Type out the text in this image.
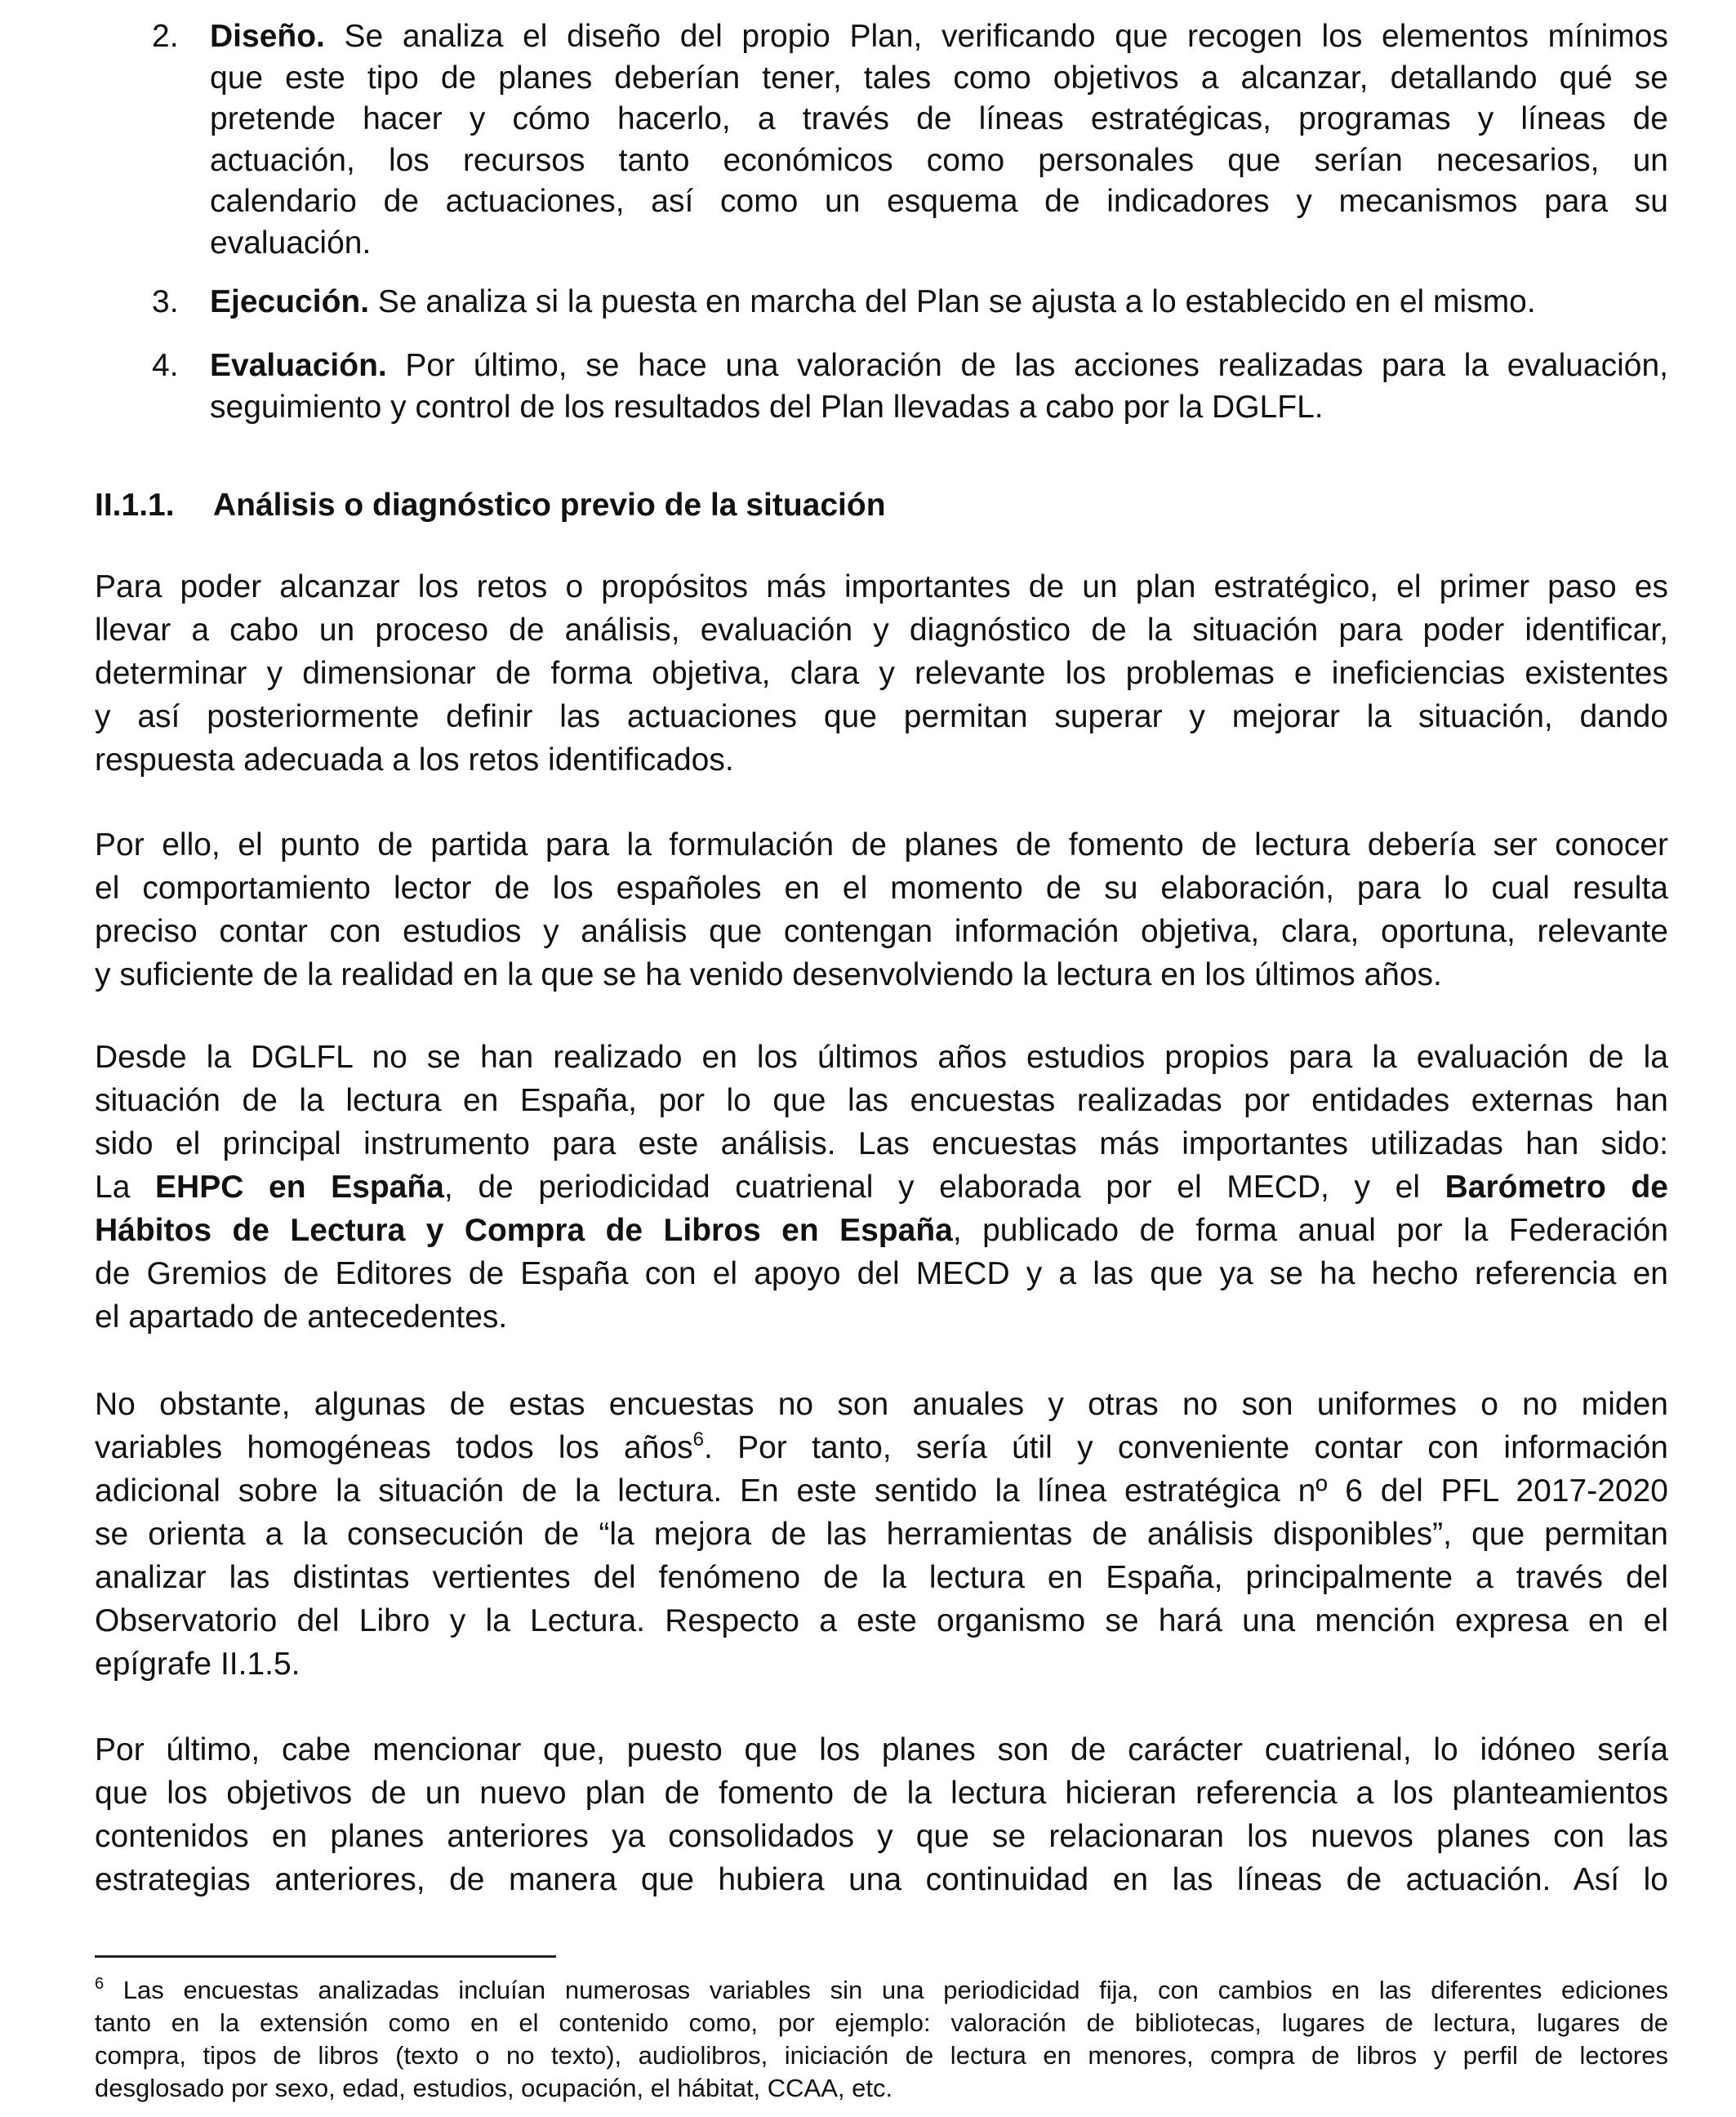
2. Diseño. Se analiza el diseño del propio Plan, verificando que recogen los elementos mínimos
que este tipo de planes deberían tener, tales como objetivos a alcanzar, detallando qué se
pretende hacer y cómo hacerlo, a través de líneas estratégicas, programas y líneas de
actuación, los recursos tanto económicos como personales que serían necesarios, un
calendario de actuaciones, así como un esquema de indicadores y mecanismos para su
evaluación.
3. Ejecución. Se analiza si la puesta en marcha del Plan se ajusta a lo establecido en el mismo.
4. Evaluación. Por último, se hace una valoración de las acciones realizadas para la evaluación,
seguimiento y control de los resultados del Plan llevadas a cabo por la DGLFL.
II.1.1. Análisis o diagnóstico previo de la situación
Para poder alcanzar los retos o propósitos más importantes de un plan estratégico, el primer paso es
llevar a cabo un proceso de análisis, evaluación y diagnóstico de la situación para poder identificar,
determinar y dimensionar de forma objetiva, clara y relevante los problemas e ineficiencias existentes
y así posteriormente definir las actuaciones que permitan superar y mejorar la situación, dando
respuesta adecuada a los retos identificados.
Por ello, el punto de partida para la formulación de planes de fomento de lectura debería ser conocer
el comportamiento lector de los españoles en el momento de su elaboración, para lo cual resulta
preciso contar con estudios y análisis que contengan información objetiva, clara, oportuna, relevante
y suficiente de la realidad en la que se ha venido desenvolviendo la lectura en los últimos años.
Desde la DGLFL no se han realizado en los últimos años estudios propios para la evaluación de la
situación de la lectura en España, por lo que las encuestas realizadas por entidades externas han
sido el principal instrumento para este análisis. Las encuestas más importantes utilizadas han sido:
La EHPC en España, de periodicidad cuatrienal y elaborada por el MECD, y el Barómetro de
Hábitos de Lectura y Compra de Libros en España, publicado de forma anual por la Federación
de Gremios de Editores de España con el apoyo del MECD y a las que ya se ha hecho referencia en
el apartado de antecedentes.
No obstante, algunas de estas encuestas no son anuales y otras no son uniformes o no miden
variables homogéneas todos los años$^6$. Por tanto, sería útil y conveniente contar con información
adicional sobre la situación de la lectura. En este sentido la línea estratégica nº 6 del PFL 2017-2020
se orienta a la consecución de “la mejora de las herramientas de análisis disponibles”, que permitan
analizar las distintas vertientes del fenómeno de la lectura en España, principalmente a través del
Observatorio del Libro y la Lectura. Respecto a este organismo se hará una mención expresa en el
epígrafe II.1.5.
Por último, cabe mencionar que, puesto que los planes son de carácter cuatrienal, lo idóneo sería
que los objetivos de un nuevo plan de fomento de la lectura hicieran referencia a los planteamientos
contenidos en planes anteriores ya consolidados y que se relacionaran los nuevos planes con las
estrategias anteriores, de manera que hubiera una continuidad en las líneas de actuación. Así lo
$^6$ Las encuestas analizadas incluían numerosas variables sin una periodicidad fija, con cambios en las diferentes ediciones
tanto en la extensión como en el contenido como, por ejemplo: valoración de bibliotecas, lugares de lectura, lugares de
compra, tipos de libros (texto o no texto), audiolibros, iniciación de lectura en menores, compra de libros y perfil de lectores
desglosado por sexo, edad, estudios, ocupación, el hábitat, CCAA, etc.
